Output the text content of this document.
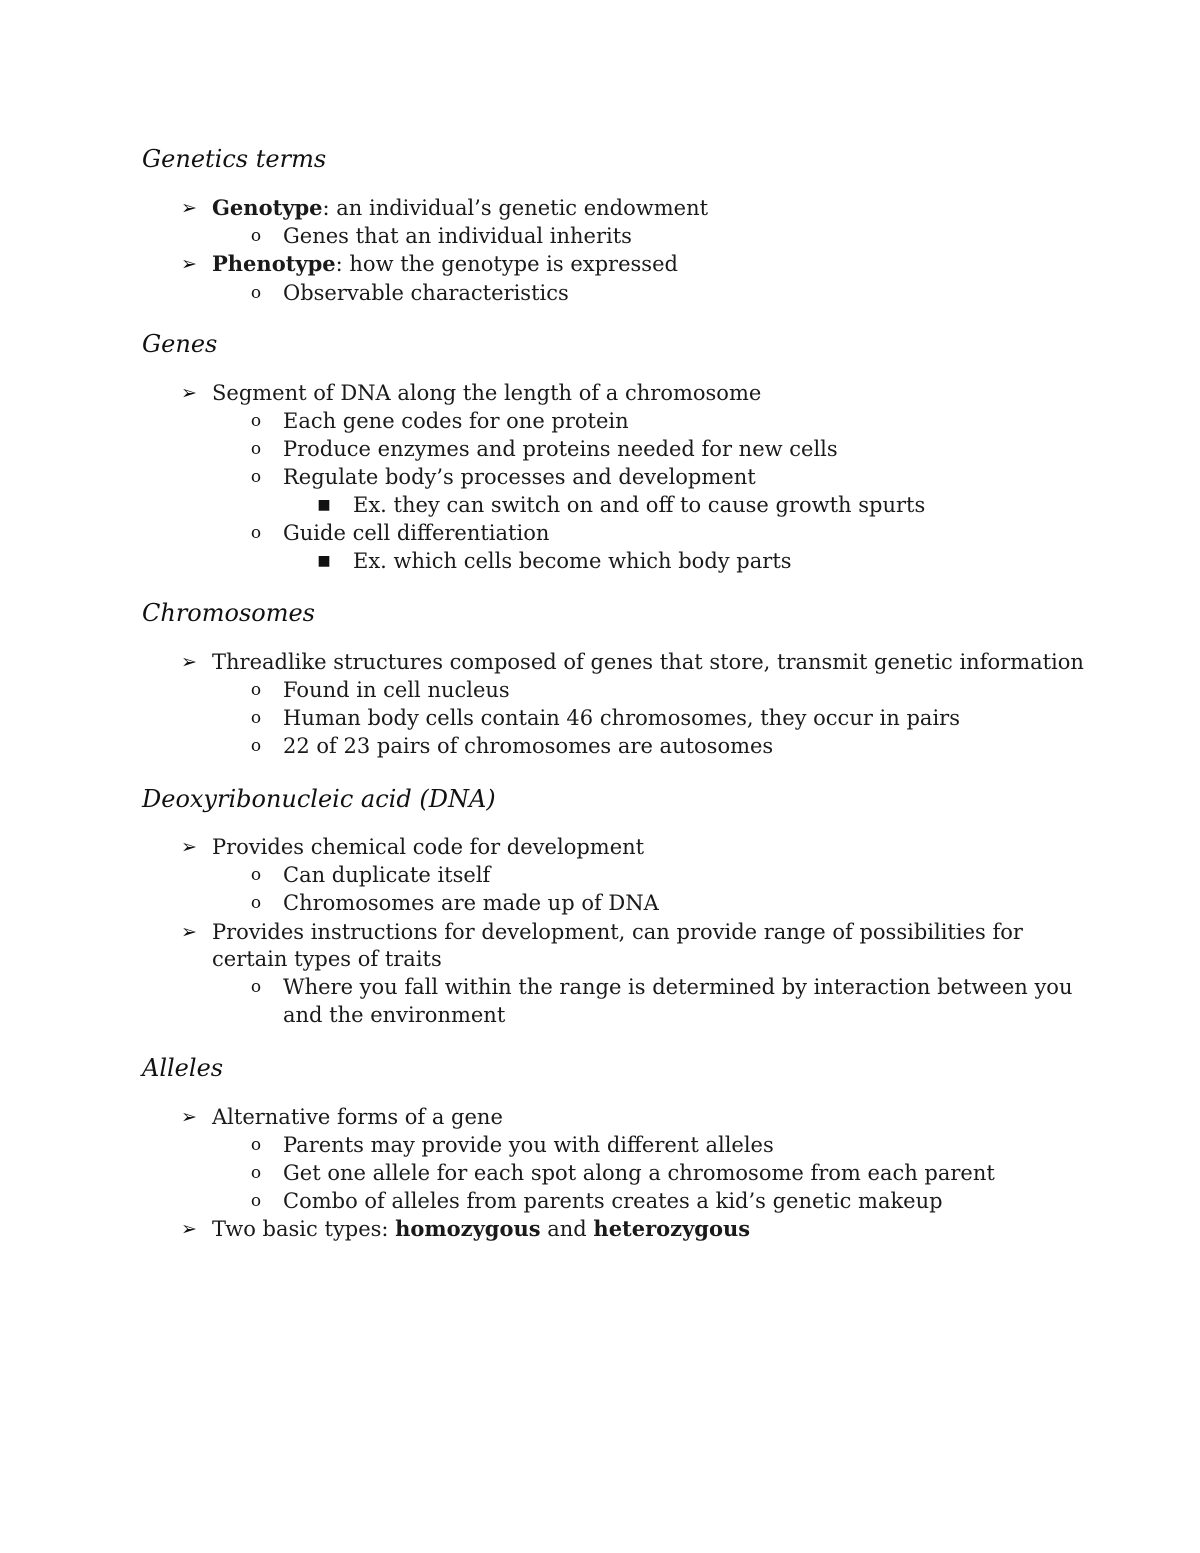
Genetics terms
➢ Genotype: an individual’s genetic endowment
o	Genes that an individual inherits
➢ Phenotype: how the genotype is expressed
o	Observable characteristics
Genes
➢ Segment of DNA along the length of a chromosome
o	Each gene codes for one protein
o	Produce enzymes and proteins needed for new cells
o	Regulate body’s processes and development
■ Ex. they can switch on and off to cause growth spurts
o	Guide cell differentiation
■ Ex. which cells become which body parts
Chromosomes
➢ Threadlike structures composed of genes that store, transmit genetic information
o	Found in cell nucleus
o	Human body cells contain 46 chromosomes, they occur in pairs
o	22 of 23 pairs of chromosomes are autosomes
Deoxyribonucleic acid (DNA)
➢ Provides chemical code for development
o	Can duplicate itself
o	Chromosomes are made up of DNA
➢ Provides instructions for development, can provide range of possibilities for
certain types of traits
o	Where you fall within the range is determined by interaction between you
and the environment
Alleles
➢ Alternative forms of a gene
o	Parents may provide you with different alleles
o	Get one allele for each spot along a chromosome from each parent
o	Combo of alleles from parents creates a kid’s genetic makeup
➢ Two basic types: homozygous and heterozygous
